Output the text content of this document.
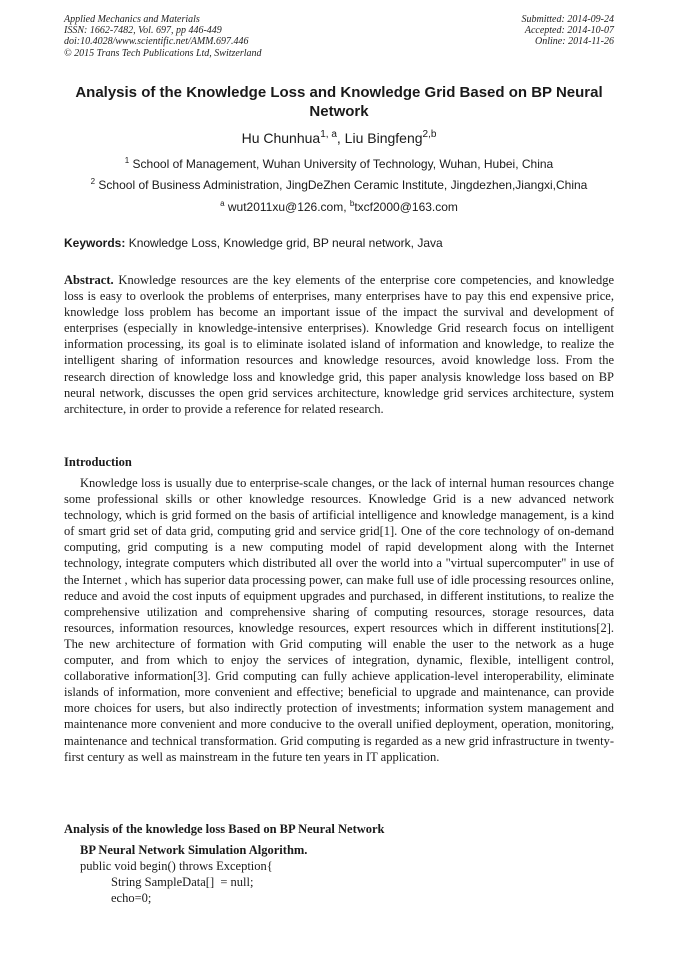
Applied Mechanics and Materials
ISSN: 1662-7482, Vol. 697, pp 446-449
doi:10.4028/www.scientific.net/AMM.697.446
© 2015 Trans Tech Publications Ltd, Switzerland
Submitted: 2014-09-24
Accepted: 2014-10-07
Online: 2014-11-26
Analysis of the Knowledge Loss and Knowledge Grid Based on BP Neural Network
Hu Chunhua$^{1, a}$, Liu Bingfeng$^{2,b}$
$^1$ School of Management, Wuhan University of Technology, Wuhan, Hubei, China
$^2$ School of Business Administration, JingDeZhen Ceramic Institute, Jingdezhen,Jiangxi,China
$^a$ wut2011xu@126.com, $^b$txcf2000@163.com
Keywords: Knowledge Loss, Knowledge grid, BP neural network, Java
Abstract. Knowledge resources are the key elements of the enterprise core competencies, and knowledge loss is easy to overlook the problems of enterprises, many enterprises have to pay this end expensive price, knowledge loss problem has become an important issue of the impact the survival and development of enterprises (especially in knowledge-intensive enterprises). Knowledge Grid research focus on intelligent information processing, its goal is to eliminate isolated island of information and knowledge, to realize the intelligent sharing of information resources and knowledge resources, avoid knowledge loss. From the research direction of knowledge loss and knowledge grid, this paper analysis knowledge loss based on BP neural network, discusses the open grid services architecture, knowledge grid services architecture, system architecture, in order to provide a reference for related research.
Introduction
Knowledge loss is usually due to enterprise-scale changes, or the lack of internal human resources change some professional skills or other knowledge resources. Knowledge Grid is a new advanced network technology, which is grid formed on the basis of artificial intelligence and knowledge management, is a kind of smart grid set of data grid, computing grid and service grid[1]. One of the core technology of on-demand computing, grid computing is a new computing model of rapid development along with the Internet technology, integrate computers which distributed all over the world into a "virtual supercomputer" in use of the Internet , which has superior data processing power, can make full use of idle processing resources online, reduce and avoid the cost inputs of equipment upgrades and purchased, in different institutions, to realize the comprehensive utilization and comprehensive sharing of computing resources, storage resources, data resources, information resources, knowledge resources, expert resources which in different institutions[2]. The new architecture of formation with Grid computing will enable the user to the network as a huge computer, and from which to enjoy the services of integration, dynamic, flexible, intelligent control, collaborative information[3]. Grid computing can fully achieve application-level interoperability, eliminate islands of information, more convenient and effective; beneficial to upgrade and maintenance, can provide more choices for users, but also indirectly protection of investments; information system management and maintenance more convenient and more conducive to the overall unified deployment, operation, monitoring, maintenance and technical transformation. Grid computing is regarded as a new grid infrastructure in twenty-first century as well as mainstream in the future ten years in IT application.
Analysis of the knowledge loss Based on BP Neural Network
BP Neural Network Simulation Algorithm.
public void begin() throws Exception{
String SampleData[]  = null;
echo=0;
